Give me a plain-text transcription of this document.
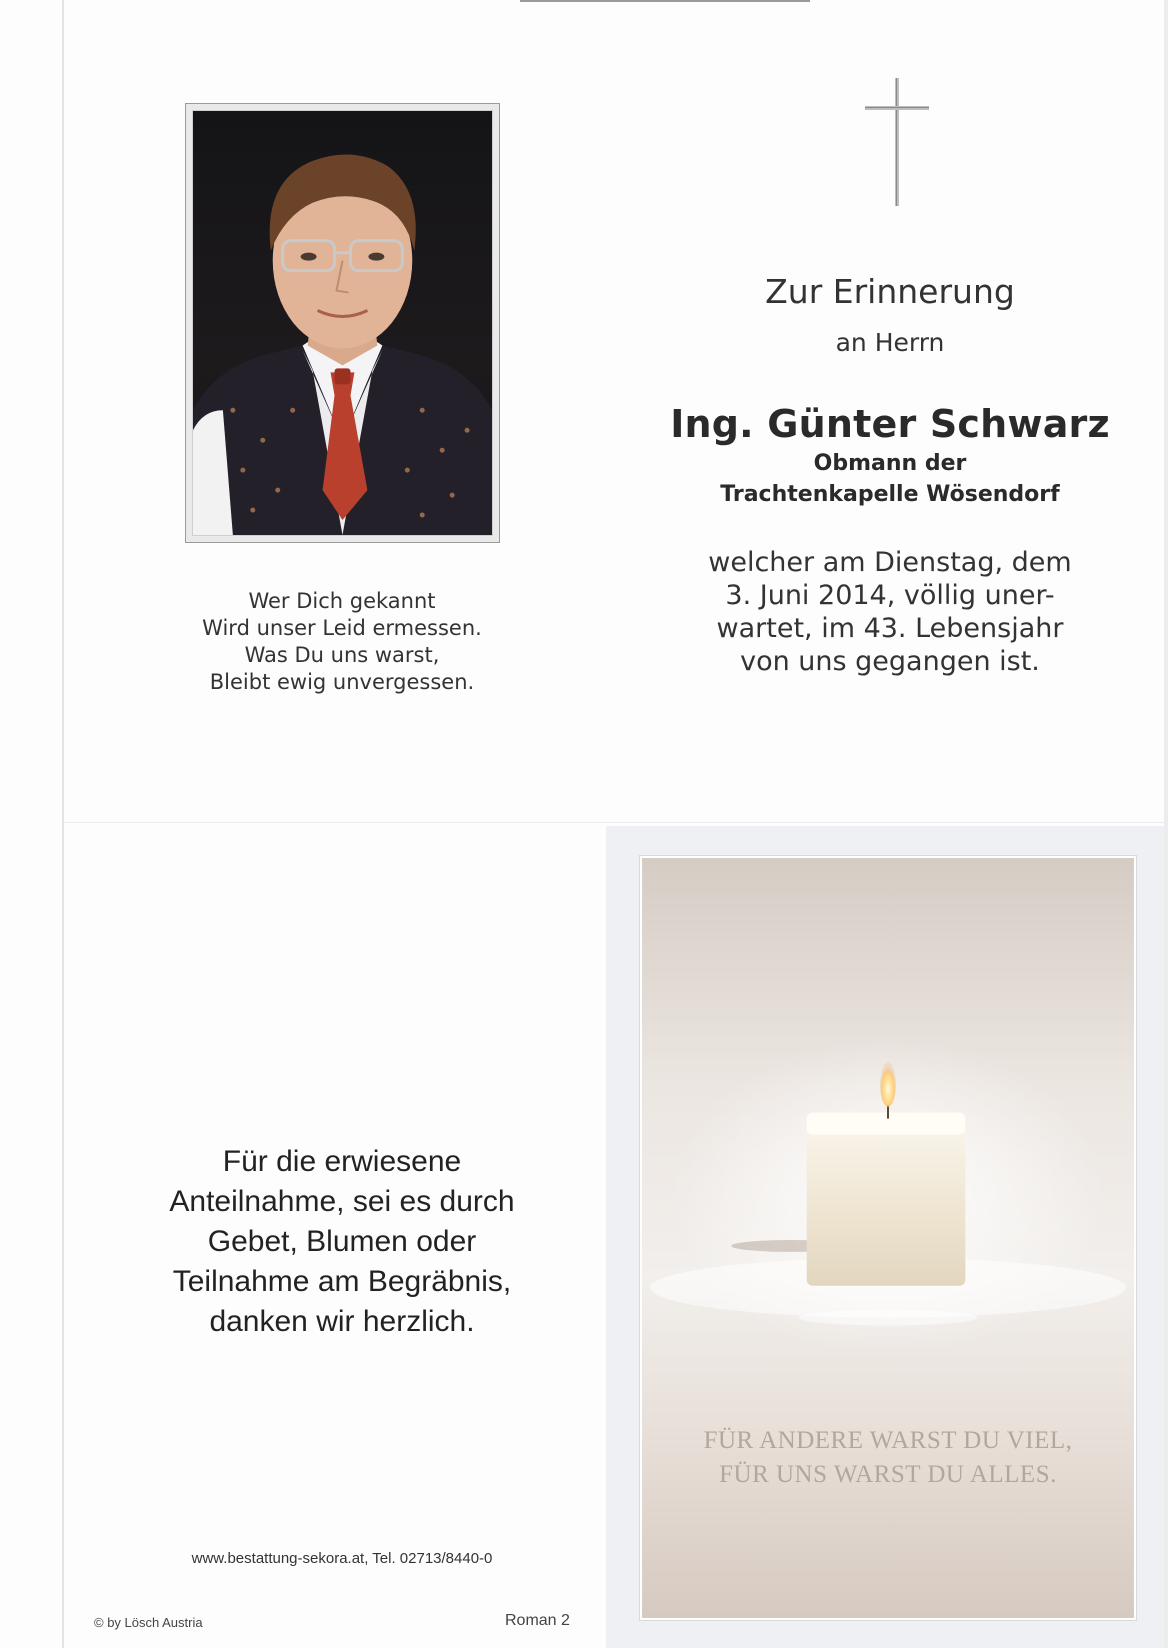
Wer Dich gekannt
Wird unser Leid ermessen.
Was Du uns warst,
Bleibt ewig unvergessen.
Zur Erinnerung
an Herrn
Ing. Günter Schwarz
Obmann der
Trachtenkapelle Wösendorf
welcher am Dienstag, dem
3. Juni 2014, völlig uner-
wartet, im 43. Lebensjahr
von uns gegangen ist.
Für die erwiesene
Anteilnahme, sei es durch
Gebet, Blumen oder
Teilnahme am Begräbnis,
danken wir herzlich.
www.bestattung-sekora.at, Tel. 02713/8440-0
© by Lösch Austria	Roman 2
FÜR ANDERE WARST DU VIEL,
FÜR UNS WARST DU ALLES.
